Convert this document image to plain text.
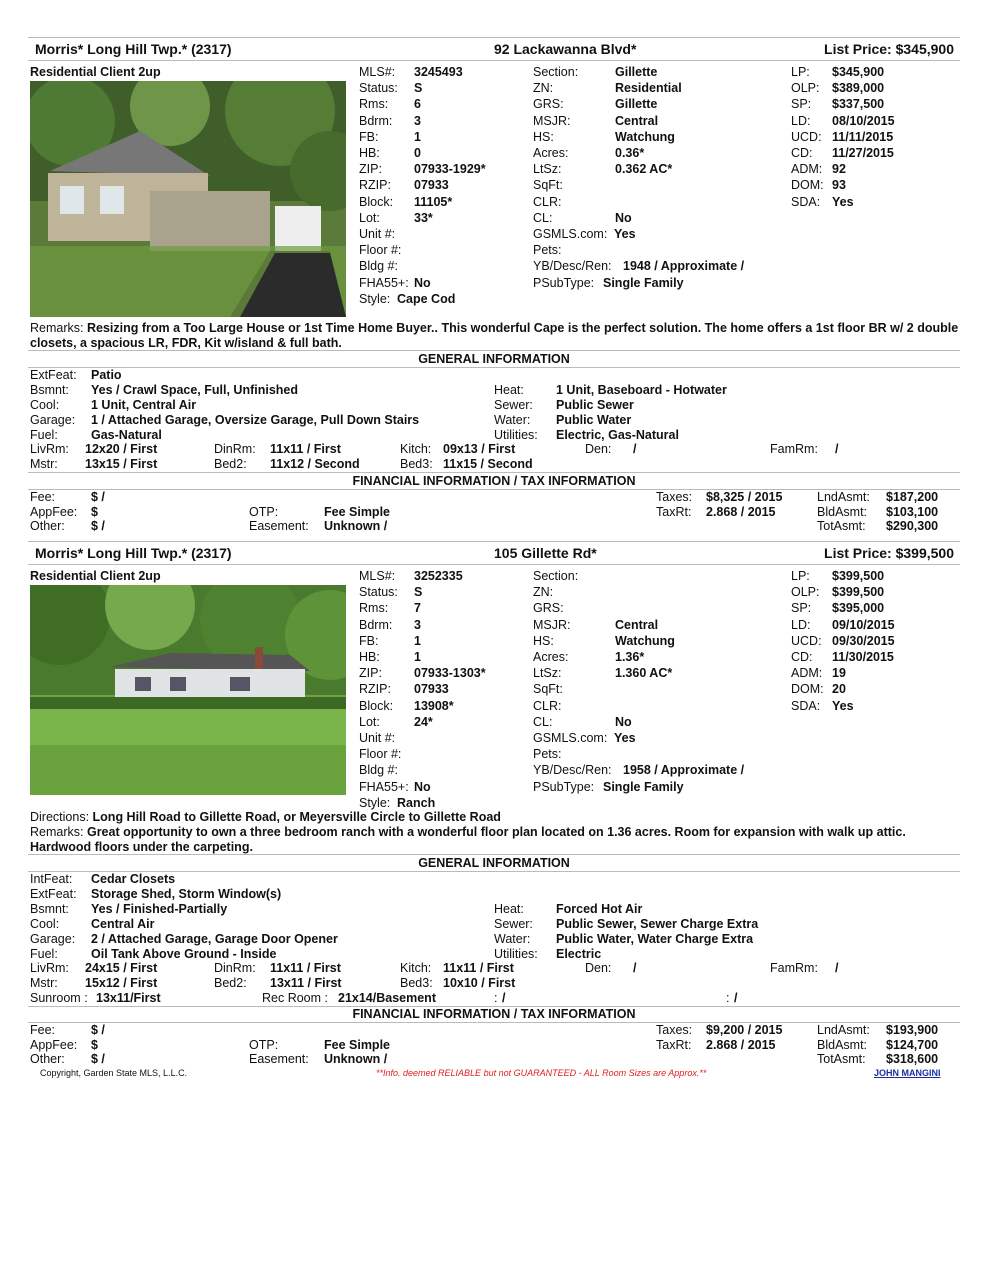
Morris* Long Hill Twp.* (2317)	92 Lackawanna Blvd*	List Price: $345,900
Residential Client 2up	MLS#: 3245493
Status: S
Rms: 6
Bdrm: 3
FB:	1
HB:	0
ZIP:	07933-1929*
RZIP: 07933
Block: 11105*
Lot:	33*
Unit #:
Floor #:
Bldg #:
FHA55+: No
Style: Cape Cod
Section:	Gillette
ZN:	Residential
GRS:	Gillette
MSJR:	Central
HS:	Watchung
Acres:	0.36*
LtSz:	0.362 AC*
SqFt:
CLR:
CL:	No
GSMLS.com: Yes
Pets:
YB/Desc/Ren: 1948 / Approximate /
PSubType: Single Family
LP: $345,900
OLP: $389,000
SP: $337,500
LD: 08/10/2015
UCD: 11/11/2015
CD: 11/27/2015
ADM: 92
DOM: 93
SDA: Yes
Remarks: Resizing from a Too Large House or 1st Time Home Buyer.. This wonderful Cape is the perfect solution. The home offers a 1st floor BR w/ 2 double closets, a spacious LR, FDR, Kit w/island & full bath.
GENERAL INFORMATION
ExtFeat: Patio
Bsmnt: Yes / Crawl Space, Full, Unfinished
Cool:	1 Unit, Central Air
Garage: 1 / Attached Garage, Oversize Garage, Pull Down Stairs
Fuel:	Gas-Natural
Heat:	1 Unit, Baseboard - Hotwater
Sewer: Public Sewer
Water: Public Water
Utilities: Electric, Gas-Natural
LivRm: 12x20 / First	DinRm: 11x11 / First	Kitch: 09x13 / First	Den: /	FamRm: /
Mstr: 13x15 / First	Bed2: 11x12 / Second	Bed3: 11x15 / Second
FINANCIAL INFORMATION / TAX INFORMATION
Fee:	$ /
AppFee: $
Other: $ /
OTP:	Fee Simple
Easement: Unknown /
Taxes: $8,325 / 2015
TaxRt: 2.868 / 2015
LndAsmt: $187,200
BldAsmt: $103,100
TotAsmt: $290,300
Morris* Long Hill Twp.* (2317)	105 Gillette Rd*	List Price: $399,500
Residential Client 2up	MLS#: 3252335
Status: S
Rms: 7
Bdrm: 3
FB:	1
HB:	1
ZIP:	07933-1303*
RZIP: 07933
Block: 13908*
Lot:	24*
Unit #:
Floor #:
Bldg #:
FHA55+: No
Style: Ranch
Section:
ZN:
GRS:
MSJR:	Central
HS:	Watchung
Acres:	1.36*
LtSz:	1.360 AC*
SqFt:
CLR:
CL:	No
GSMLS.com: Yes
Pets:
YB/Desc/Ren: 1958 / Approximate /
PSubType: Single Family
LP: $399,500
OLP: $399,500
SP: $395,000
LD: 09/10/2015
UCD: 09/30/2015
CD: 11/30/2015
ADM: 19
DOM: 20
SDA: Yes
Directions: Long Hill Road to Gillette Road, or Meyersville Circle to Gillette Road
Remarks: Great opportunity to own a three bedroom ranch with a wonderful floor plan located on 1.36 acres. Room for expansion with walk up attic. Hardwood floors under the carpeting.
GENERAL INFORMATION
IntFeat: Cedar Closets
ExtFeat: Storage Shed, Storm Window(s)
Bsmnt: Yes / Finished-Partially
Cool:	Central Air
Garage: 2 / Attached Garage, Garage Door Opener
Fuel:	Oil Tank Above Ground - Inside
Heat:	Forced Hot Air
Sewer: Public Sewer, Sewer Charge Extra
Water: Public Water, Water Charge Extra
Utilities: Electric
LivRm: 24x15 / First	DinRm: 11x11 / First	Kitch: 11x11 / First	Den: /	FamRm: /
Mstr: 15x12 / First	Bed2: 13x11 / First	Bed3: 10x10 / First
Sunroom : 13x11/First	Rec Room : 21x14/Basement	: /	: /
FINANCIAL INFORMATION / TAX INFORMATION
Fee:	$ /
AppFee: $
Other: $ /
OTP:	Fee Simple
Easement: Unknown /
Taxes: $9,200 / 2015
TaxRt: 2.868 / 2015
LndAsmt: $193,900
BldAsmt: $124,700
TotAsmt: $318,600
Copyright, Garden State MLS, L.L.C.	**Info. deemed RELIABLE but not GUARANTEED - ALL Room Sizes are Approx.**	JOHN MANGINI
